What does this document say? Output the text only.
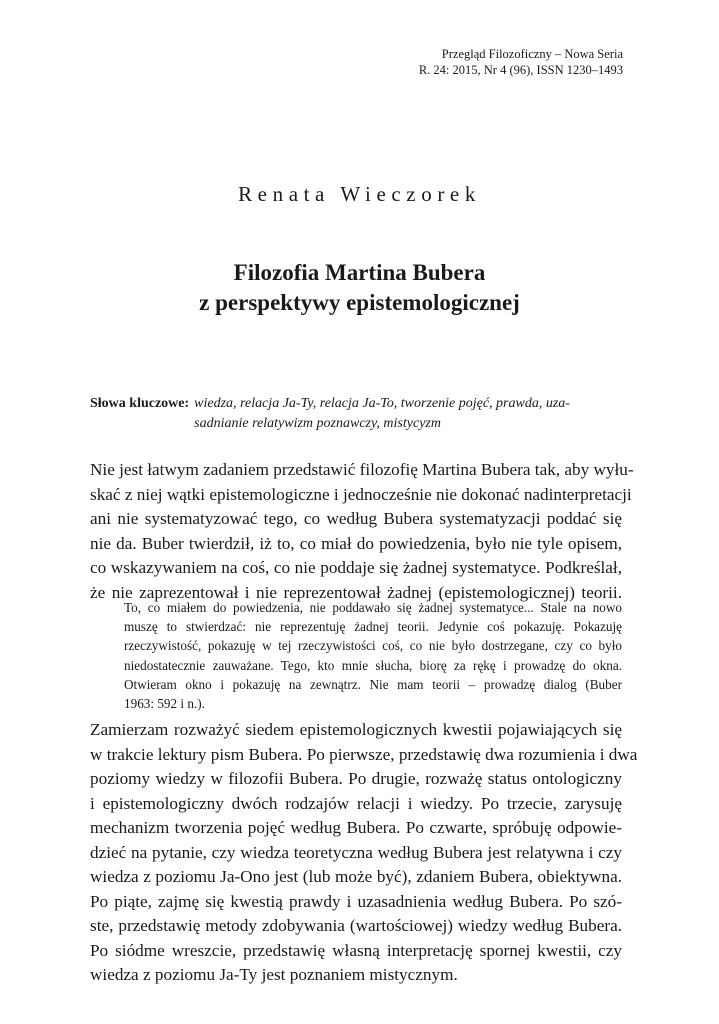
Przegląd Filozoficzny – Nowa Seria
R. 24: 2015, Nr 4 (96), ISSN 1230–1493
Renata Wieczorek
Filozofia Martina Bubera
z perspektywy epistemologicznej
Słowa kluczowe: wiedza, relacja Ja-Ty, relacja Ja-To, tworzenie pojęć, prawda, uza-
sadnianie relatywizm poznawczy, mistycyzm
Nie jest łatwym zadaniem przedstawić filozofię Martina Bubera tak, aby wyłu-
skać z niej wątki epistemologiczne i jednocześnie nie dokonać nadinterpretacji
ani nie systematyzować tego, co według Bubera systematyzacji poddać się
nie da. Buber twierdził, iż to, co miał do powiedzenia, było nie tyle opisem,
co wskazywaniem na coś, co nie poddaje się żadnej systematyce. Podkreślał,
że nie zaprezentował i nie reprezentował żadnej (epistemologicznej) teorii.
To, co miałem do powiedzenia, nie poddawało się żadnej systematyce... Stale na nowo
muszę to stwierdzać: nie reprezentuję żadnej teorii. Jedynie coś pokazuję. Pokazuję
rzeczywistość, pokazuję w tej rzeczywistości coś, co nie było dostrzegane, czy co było
niedostatecznie zauważane. Tego, kto mnie słucha, biorę za rękę i prowadzę do okna.
Otwieram okno i pokazuję na zewnątrz. Nie mam teorii – prowadzę dialog (Buber
1963: 592 i n.).
Zamierzam rozważyć siedem epistemologicznych kwestii pojawiających się
w trakcie lektury pism Bubera. Po pierwsze, przedstawię dwa rozumienia i dwa
poziomy wiedzy w filozofii Bubera. Po drugie, rozważę status ontologiczny
i epistemologiczny dwóch rodzajów relacji i wiedzy. Po trzecie, zarysuję
mechanizm tworzenia pojęć według Bubera. Po czwarte, spróbuję odpowie-
dzieć na pytanie, czy wiedza teoretyczna według Bubera jest relatywna i czy
wiedza z poziomu Ja-Ono jest (lub może być), zdaniem Bubera, obiektywna.
Po piąte, zajmę się kwestią prawdy i uzasadnienia według Bubera. Po szó-
ste, przedstawię metody zdobywania (wartościowej) wiedzy według Bubera.
Po siódme wreszcie, przedstawię własną interpretację spornej kwestii, czy
wiedza z poziomu Ja-Ty jest poznaniem mistycznym.
